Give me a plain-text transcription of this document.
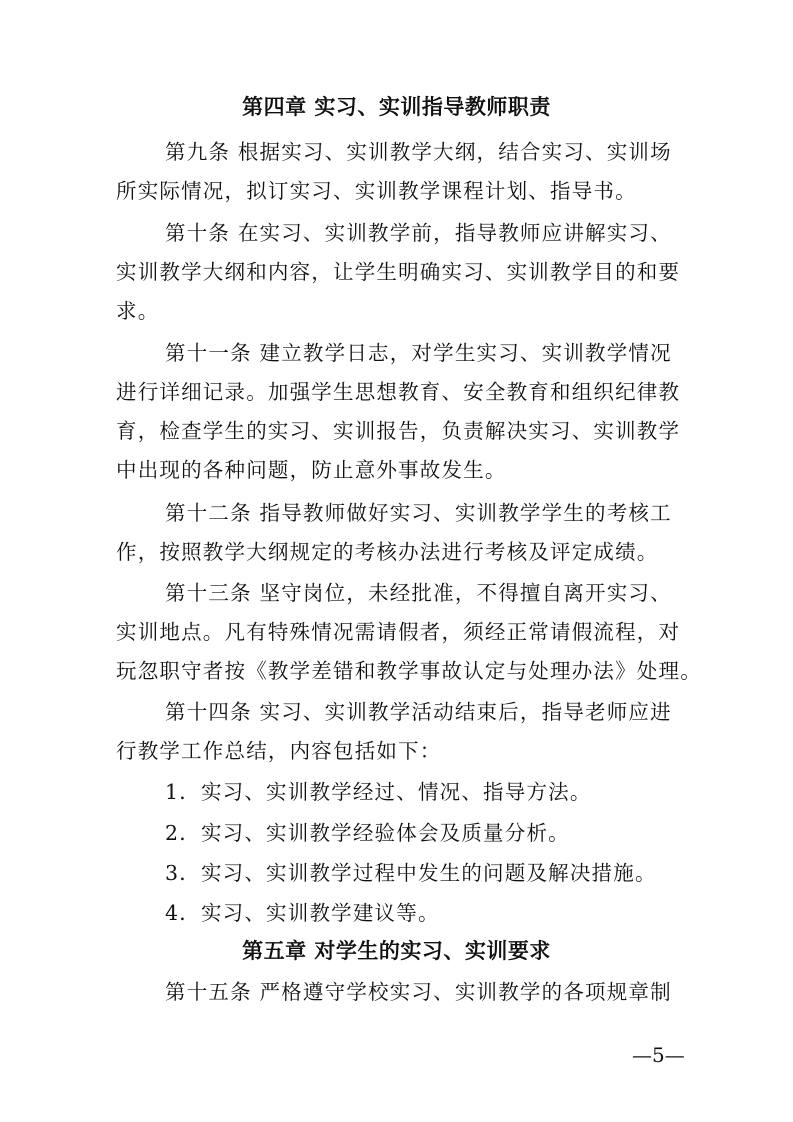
第四章 实习、实训指导教师职责
第九条 根据实习、实训教学大纲，结合实习、实训场
所实际情况，拟订实习、实训教学课程计划、指导书。
第十条 在实习、实训教学前，指导教师应讲解实习、
实训教学大纲和内容，让学生明确实习、实训教学目的和要
求。
第十一条 建立教学日志，对学生实习、实训教学情况
进行详细记录。加强学生思想教育、安全教育和组织纪律教
育，检查学生的实习、实训报告，负责解决实习、实训教学
中出现的各种问题，防止意外事故发生。
第十二条 指导教师做好实习、实训教学学生的考核工
作，按照教学大纲规定的考核办法进行考核及评定成绩。
第十三条 坚守岗位，未经批准，不得擅自离开实习、
实训地点。凡有特殊情况需请假者，须经正常请假流程，对
玩忽职守者按《教学差错和教学事故认定与处理办法》处理。
第十四条 实习、实训教学活动结束后，指导老师应进
行教学工作总结，内容包括如下：
1．实习、实训教学经过、情况、指导方法。
2．实习、实训教学经验体会及质量分析。
3．实习、实训教学过程中发生的问题及解决措施。
4．实习、实训教学建议等。
第五章 对学生的实习、实训要求
第十五条 严格遵守学校实习、实训教学的各项规章制
—5—
